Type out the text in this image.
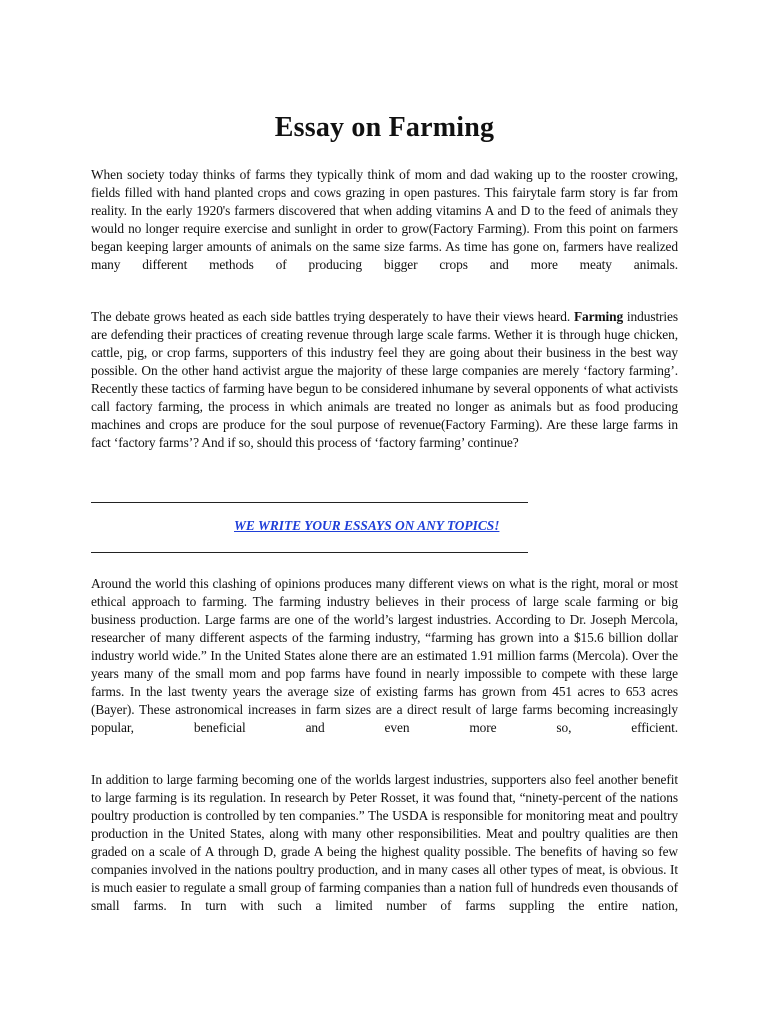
Essay on Farming

When society today thinks of farms they typically think of mom and dad waking up to the rooster crowing, fields filled with hand planted crops and cows grazing in open pastures. This fairytale farm story is far from reality. In the early 1920's farmers discovered that when adding vitamins A and D to the feed of animals they would no longer require exercise and sunlight in order to grow(Factory Farming). From this point on farmers began keeping larger amounts of animals on the same size farms. As time has gone on, farmers have realized many different methods of producing bigger crops and more meaty animals.

The debate grows heated as each side battles trying desperately to have their views heard. Farming industries are defending their practices of creating revenue through large scale farms. Wether it is through huge chicken, cattle, pig, or crop farms, supporters of this industry feel they are going about their business in the best way possible. On the other hand activist argue the majority of these large companies are merely ‘factory farming’. Recently these tactics of farming have begun to be considered inhumane by several opponents of what activists call factory farming, the process in which animals are treated no longer as animals but as food producing machines and crops are produce for the soul purpose of revenue(Factory Farming). Are these large farms in fact ‘factory farms’? And if so, should this process of ‘factory farming’ continue?

WE WRITE YOUR ESSAYS ON ANY TOPICS!

Around the world this clashing of opinions produces many different views on what is the right, moral or most ethical approach to farming. The farming industry believes in their process of large scale farming or big business production. Large farms are one of the world’s largest industries. According to Dr. Joseph Mercola, researcher of many different aspects of the farming industry, “farming has grown into a $15.6 billion dollar industry world wide.” In the United States alone there are an estimated 1.91 million farms (Mercola). Over the years many of the small mom and pop farms have found in nearly impossible to compete with these large farms. In the last twenty years the average size of existing farms has grown from 451 acres to 653 acres (Bayer). These astronomical increases in farm sizes are a direct result of large farms becoming increasingly popular, beneficial and even more so, efficient.

In addition to large farming becoming one of the worlds largest industries, supporters also feel another benefit to large farming is its regulation. In research by Peter Rosset, it was found that, “ninety-percent of the nations poultry production is controlled by ten companies.” The USDA is responsible for monitoring meat and poultry production in the United States, along with many other responsibilities. Meat and poultry qualities are then graded on a scale of A through D, grade A being the highest quality possible. The benefits of having so few companies involved in the nations poultry production, and in many cases all other types of meat, is obvious. It is much easier to regulate a small group of farming companies than a nation full of hundreds even thousands of small farms. In turn with such a limited number of farms suppling the entire nation,
